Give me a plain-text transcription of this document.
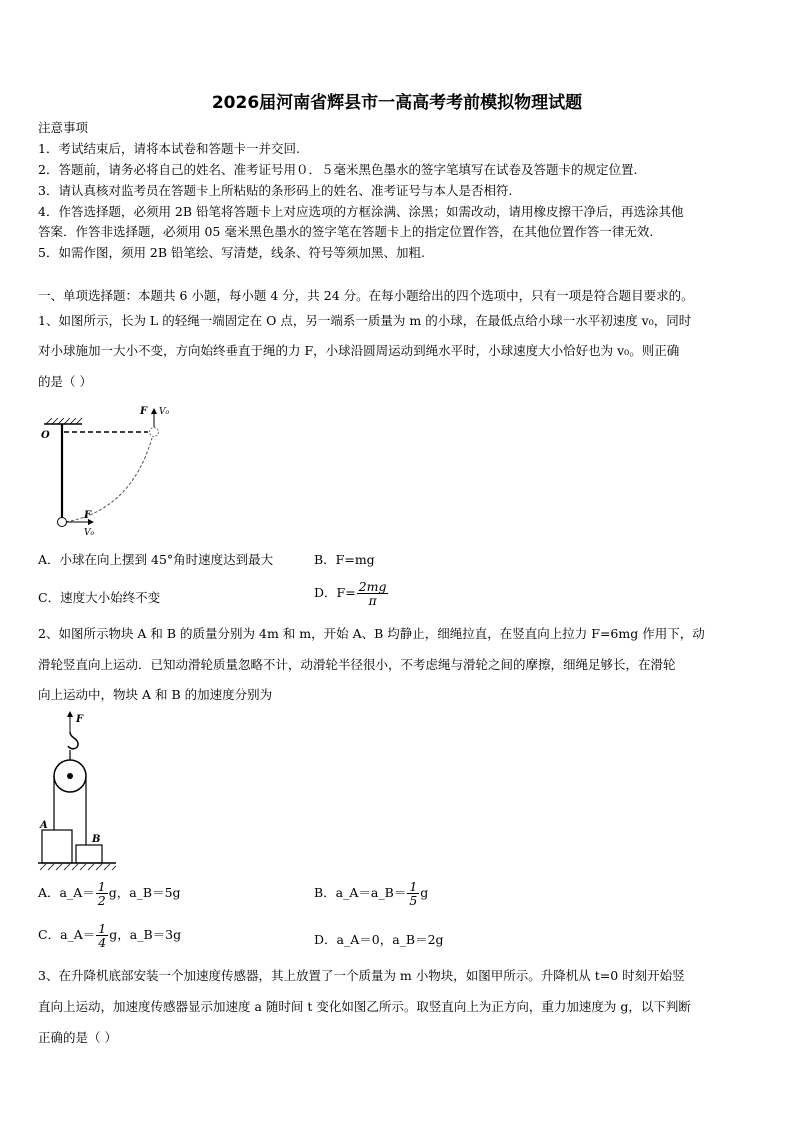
2026届河南省辉县市一高高考考前模拟物理试题
注意事项
1．考试结束后，请将本试卷和答题卡一并交回.
2．答题前，请务必将自己的姓名、准考证号用０．５毫米黑色墨水的签字笔填写在试卷及答题卡的规定位置.
3．请认真核对监考员在答题卡上所粘贴的条形码上的姓名、准考证号与本人是否相符.
4．作答选择题，必须用 2B 铅笔将答题卡上对应选项的方框涂满、涂黑；如需改动，请用橡皮擦干净后，再选涂其他
答案．作答非选择题，必须用 05 毫米黑色墨水的签字笔在答题卡上的指定位置作答，在其他位置作答一律无效.
5．如需作图，须用 2B 铅笔绘、写清楚，线条、符号等须加黑、加粗.
一、单项选择题：本题共 6 小题，每小题 4 分，共 24 分。在每小题给出的四个选项中，只有一项是符合题目要求的。
1、如图所示，长为 L 的轻绳一端固定在 O 点，另一端系一质量为 m 的小球，在最低点给小球一水平初速度 v₀，同时
对小球施加一大小不变，方向始终垂直于绳的力 F，小球沿圆周运动到绳水平时，小球速度大小恰好也为 v₀。则正确
的是（ ）
F V₀
O
F
V₀
A．小球在向上摆到 45°角时速度达到最大	B．F=mg
C．速度大小始终不变	D．$F= \frac{2mg}{\pi}$
2、如图所示物块 A 和 B 的质量分别为 4m 和 m，开始 A、B 均静止，细绳拉直，在竖直向上拉力 F=6mg 作用下，动
滑轮竖直向上运动．已知动滑轮质量忽略不计，动滑轮半径很小，不考虑绳与滑轮之间的摩擦，细绳足够长，在滑轮
向上运动中，物块 A 和 B 的加速度分别为
F
A
B
A．a_A＝ $\frac{1}{2}$ g，a_B＝5g	B．a_A＝a_B＝ $\frac{1}{5}$ g
C．a_A＝ $\frac{1}{4}$ g，a_B＝3g	D．a_A＝0，a_B＝2g
3、在升降机底部安装一个加速度传感器，其上放置了一个质量为 m 小物块，如图甲所示。升降机从 t=0 时刻开始竖
直向上运动，加速度传感器显示加速度 a 随时间 t 变化如图乙所示。取竖直向上为正方向，重力加速度为 g，以下判断
正确的是（ ）
